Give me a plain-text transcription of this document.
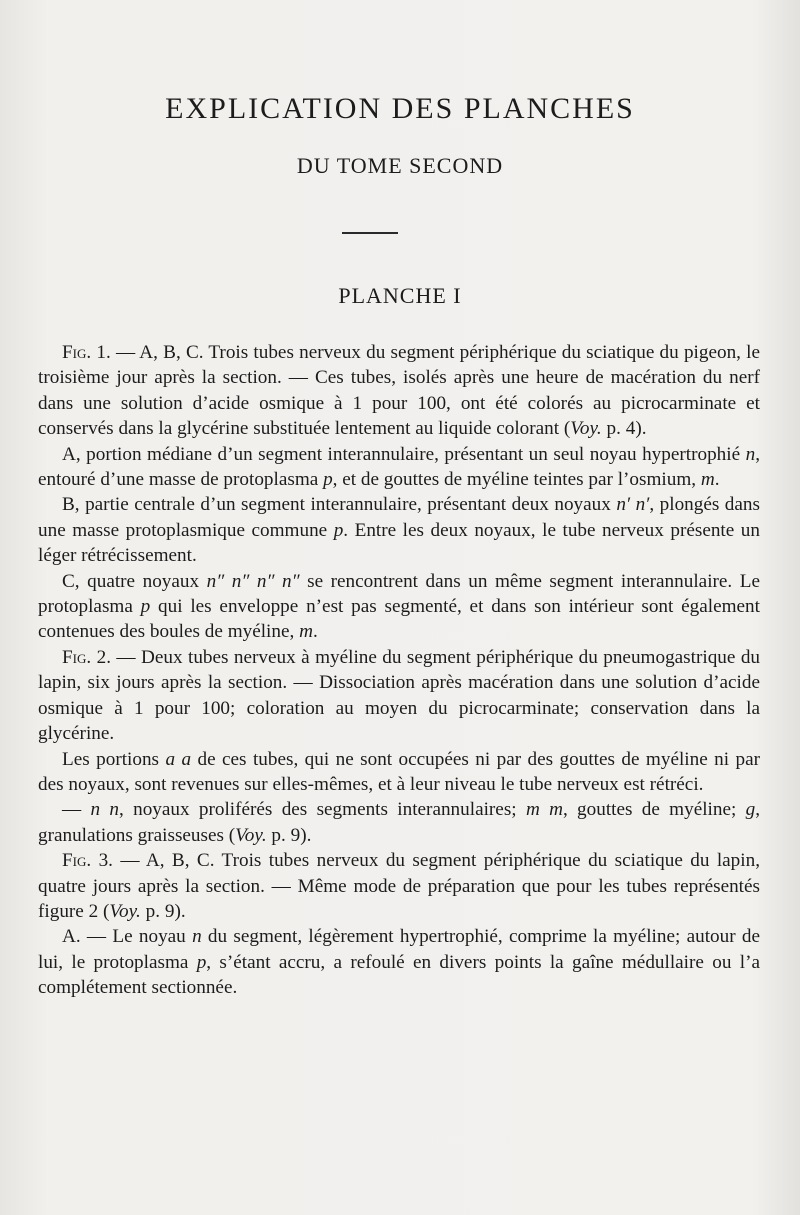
EXPLICATION DES PLANCHES
DU TOME SECOND
PLANCHE I

Fig. 1. — A, B, C. Trois tubes nerveux du segment périphérique du sciatique du pigeon, le troisième jour après la section. — Ces tubes, isolés après une heure de macération du nerf dans une solution d’acide osmique à 1 pour 100, ont été colorés au picrocarminate et conservés dans la glycérine substituée lentement au liquide colorant (Voy. p. 4).

A, portion médiane d’un segment interannulaire, présentant un seul noyau hypertrophié n, entouré d’une masse de protoplasma p, et de gouttes de myéline teintes par l’osmium, m.

B, partie centrale d’un segment interannulaire, présentant deux noyaux n′ n′, plongés dans une masse protoplasmique commune p. Entre les deux noyaux, le tube nerveux présente un léger rétrécissement.

C, quatre noyaux n″ n″ n″ n″ se rencontrent dans un même segment interannulaire. Le protoplasma p qui les enveloppe n’est pas segmenté, et dans son intérieur sont également contenues des boules de myéline, m.

Fig. 2. — Deux tubes nerveux à myéline du segment périphérique du pneumogastrique du lapin, six jours après la section. — Dissociation après macération dans une solution d’acide osmique à 1 pour 100; coloration au moyen du picrocarminate; conservation dans la glycérine.

Les portions a a de ces tubes, qui ne sont occupées ni par des gouttes de myéline ni par des noyaux, sont revenues sur elles-mêmes, et à leur niveau le tube nerveux est rétréci.

— n n, noyaux proliférés des segments interannulaires; m m, gouttes de myéline; g, granulations graisseuses (Voy. p. 9).

Fig. 3. — A, B, C. Trois tubes nerveux du segment périphérique du sciatique du lapin, quatre jours après la section. — Même mode de préparation que pour les tubes représentés figure 2 (Voy. p. 9).

A. — Le noyau n du segment, légèrement hypertrophié, comprime la myéline; autour de lui, le protoplasma p, s’étant accru, a refoulé en divers points la gaîne médullaire ou l’a complétement sectionnée.
